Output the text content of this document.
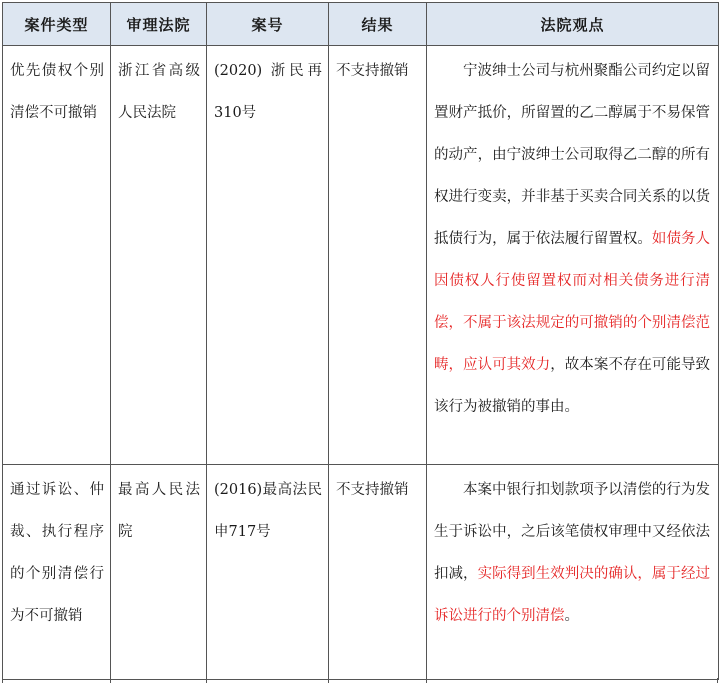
案件类型	审理法院	案号	结果	法院观点
优先债权个别清偿不可撤销	浙江省高级人民法院	(2020) 浙民再310号	不支持撤销	宁波绅士公司与杭州聚酯公司约定以留置财产抵价，所留置的乙二醇属于不易保管的动产，由宁波绅士公司取得乙二醇的所有权进行变卖，并非基于买卖合同关系的以货抵债行为，属于依法履行留置权。如债务人因债权人行使留置权而对相关债务进行清偿，不属于该法规定的可撤销的个别清偿范畴，应认可其效力，故本案不存在可能导致该行为被撤销的事由。
通过诉讼、仲裁、执行程序的个别清偿行为不可撤销	最高人民法院	(2016)最高法民申717号	不支持撤销	本案中银行扣划款项予以清偿的行为发生于诉讼中，之后该笔债权审理中又经依法扣减，实际得到生效判决的确认，属于经过诉讼进行的个别清偿。
